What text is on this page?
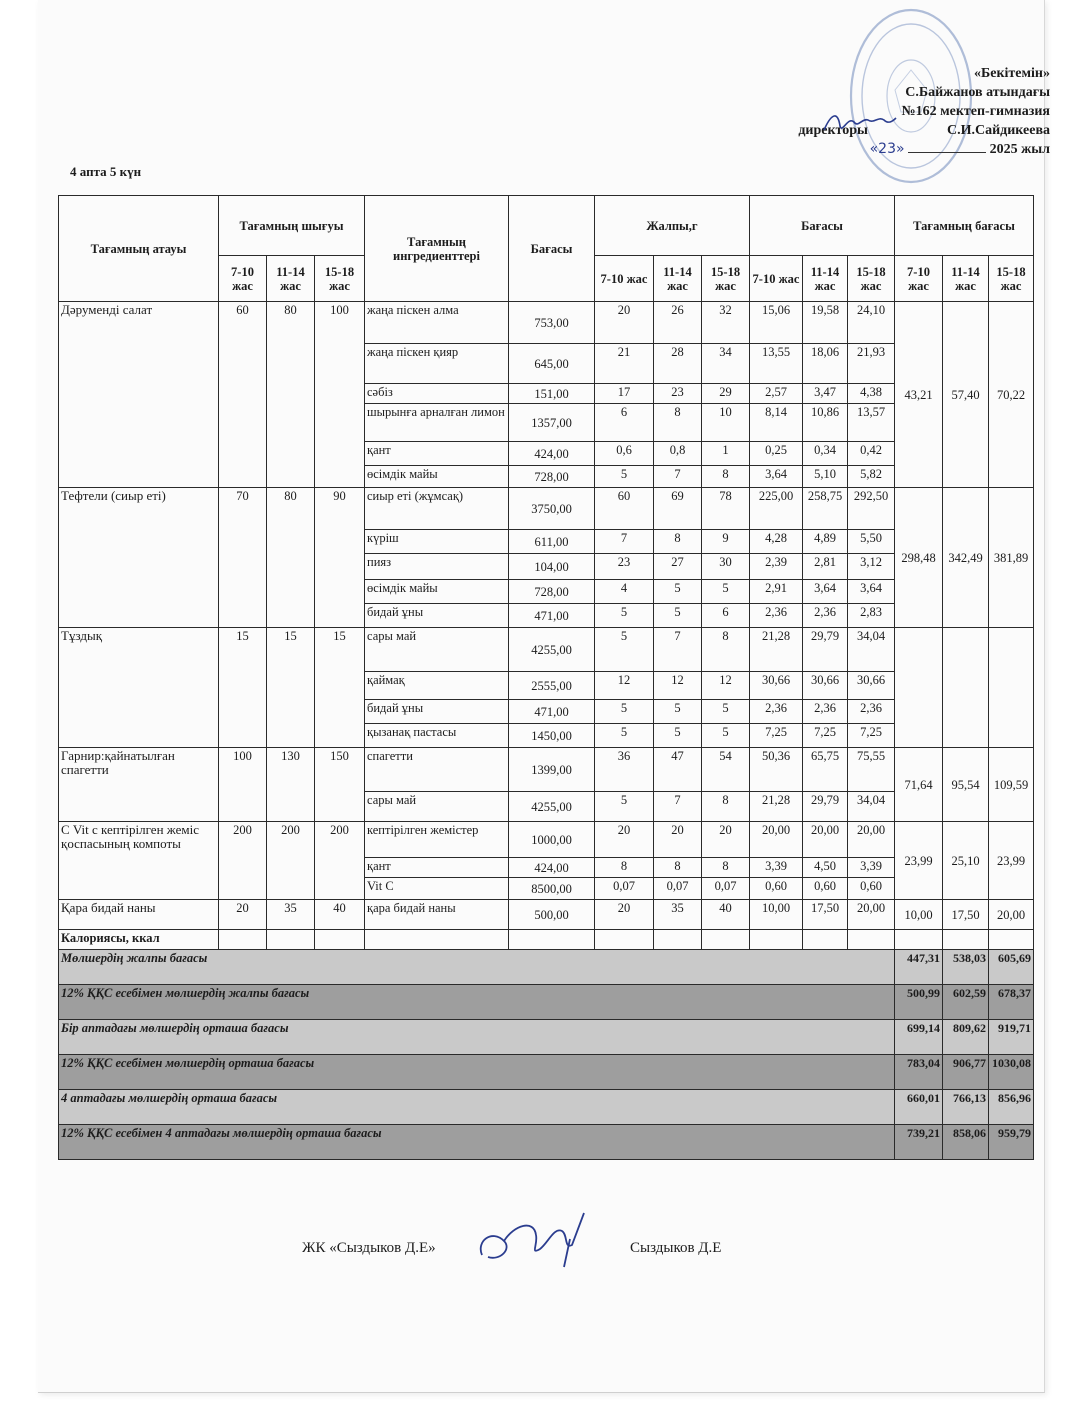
«Бекітемін»
С.Байжанов атындағы
№162 мектеп-гимназия
директоры	С.И.Сайдикеева
«23»	2025 жыл
4 апта 5 күн
Тағамның атауы	Тағамның шығуы			Тағамның ингредиенттері	Бағасы	Жалпы,г			Бағасы			Тағамның бағасы		
	7-10 жас	11-14 жас	15-18 жас			7-10 жас	11-14 жас	15-18 жас	7-10 жас	11-14 жас	15-18 жас	7-10 жас	11-14 жас	15-18 жас
Дәруменді салат	60	80	100	жаңа піскен алма	753,00	20	26	32	15,06	19,58	24,10	43,21	57,40	70,22
				жаңа піскен қияр	645,00	21	28	34	13,55	18,06	21,93			
				сәбіз	151,00	17	23	29	2,57	3,47	4,38			
				шырынға арналған лимон	1357,00	6	8	10	8,14	10,86	13,57			
				қант	424,00	0,6	0,8	1	0,25	0,34	0,42			
				өсімдік майы	728,00	5	7	8	3,64	5,10	5,82			
Тефтели (сиыр еті)	70	80	90	сиыр еті (жұмсақ)	3750,00	60	69	78	225,00	258,75	292,50	298,48	342,49	381,89
				күріш	611,00	7	8	9	4,28	4,89	5,50			
				пияз	104,00	23	27	30	2,39	2,81	3,12			
				өсімдік майы	728,00	4	5	5	2,91	3,64	3,64			
				бидай ұны	471,00	5	5	6	2,36	2,36	2,83			
Тұздық	15	15	15	сары май	4255,00	5	7	8	21,28	29,79	34,04			
				қаймақ	2555,00	12	12	12	30,66	30,66	30,66			
				бидай ұны	471,00	5	5	5	2,36	2,36	2,36			
				қызанақ пастасы	1450,00	5	5	5	7,25	7,25	7,25			
Гарнир:қайнатылған спагетти	100	130	150	спагетти	1399,00	36	47	54	50,36	65,75	75,55	71,64	95,54	109,59
				сары май	4255,00	5	7	8	21,28	29,79	34,04			
С Vit с кептірілген жеміс қоспасының компоты	200	200	200	кептірілген жемістер	1000,00	20	20	20	20,00	20,00	20,00	23,99	25,10	23,99
				қант	424,00	8	8	8	3,39	4,50	3,39			
				Vit C	8500,00	0,07	0,07	0,07	0,60	0,60	0,60			
Қара бидай наны	20	35	40	қара бидай наны	500,00	20	35	40	10,00	17,50	20,00	10,00	17,50	20,00
Калориясы, ккал														
Мөлшердің жалпы бағасы												447,31	538,03	605,69
12% ҚҚС есебімен мөлшердің жалпы бағасы												500,99	602,59	678,37
Бір аптадағы мөлшердің орташа бағасы												699,14	809,62	919,71
12% ҚҚС есебімен мөлшердің орташа бағасы												783,04	906,77	1030,08
4 аптадағы мөлшердің орташа бағасы												660,01	766,13	856,96
12% ҚҚС есебімен 4 аптадағы мөлшердің орташа бағасы												739,21	858,06	959,79
ЖК «Сыздыков Д.Е»	Сыздыков Д.Е
